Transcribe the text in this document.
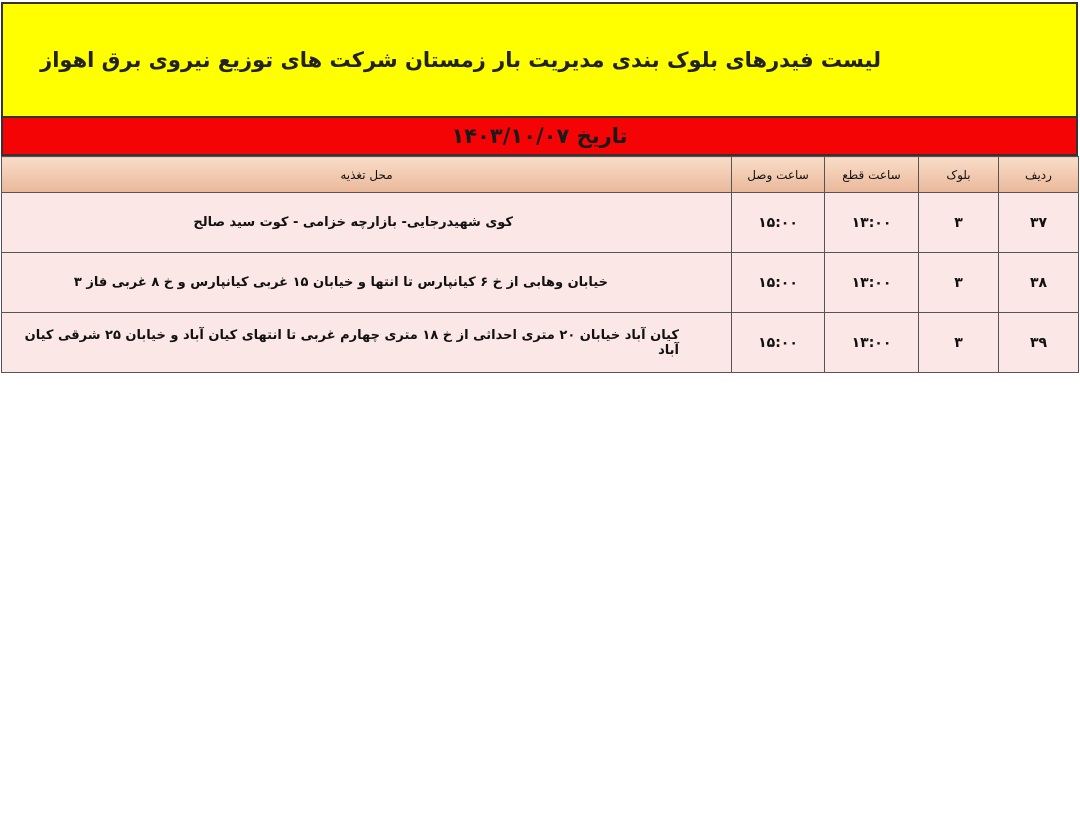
لیست فیدرهای بلوک بندی مدیریت بار زمستان شرکت های توزیع نیروی برق اهواز
تاریخ ۱۴۰۳/۱۰/۰۷
ردیف	بلوک	ساعت قطع	ساعت وصل	محل تغذیه
۳۷	۳	۱۳:۰۰	۱۵:۰۰	کوی شهیدرجایی- بازارچه خزامی - کوت سید صالح
۳۸	۳	۱۳:۰۰	۱۵:۰۰	خیابان وهابی از خ ۶ کیانپارس تا انتها و خیابان ۱۵ غربی کیانپارس و خ ۸ غربی فاز ۳
۳۹	۳	۱۳:۰۰	۱۵:۰۰	کیان آباد خیابان ۲۰ متری احداثی از خ ۱۸ متری چهارم غربی تا انتهای کیان آباد و خیابان ۲۵ شرقی کیان آباد
